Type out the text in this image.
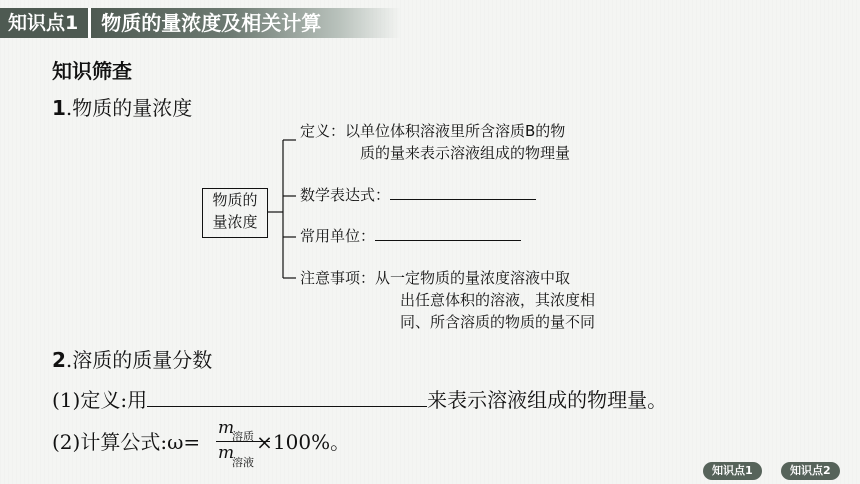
知识点1	物质的量浓度及相关计算
知识筛查
1.物质的量浓度
物质的
量浓度
定义：以单位体积溶液里所含溶质B的物
质的量来表示溶液组成的物理量
数学表达式：
常用单位：
注意事项：从一定物质的量浓度溶液中取
出任意体积的溶液，其浓度相
同、所含溶质的物质的量不同
2.溶质的质量分数
(1)定义:用	来表示溶液组成的物理量。
(2)计算公式:ω=	×100%。
m
溶质
m
溶液
知识点1	知识点2
